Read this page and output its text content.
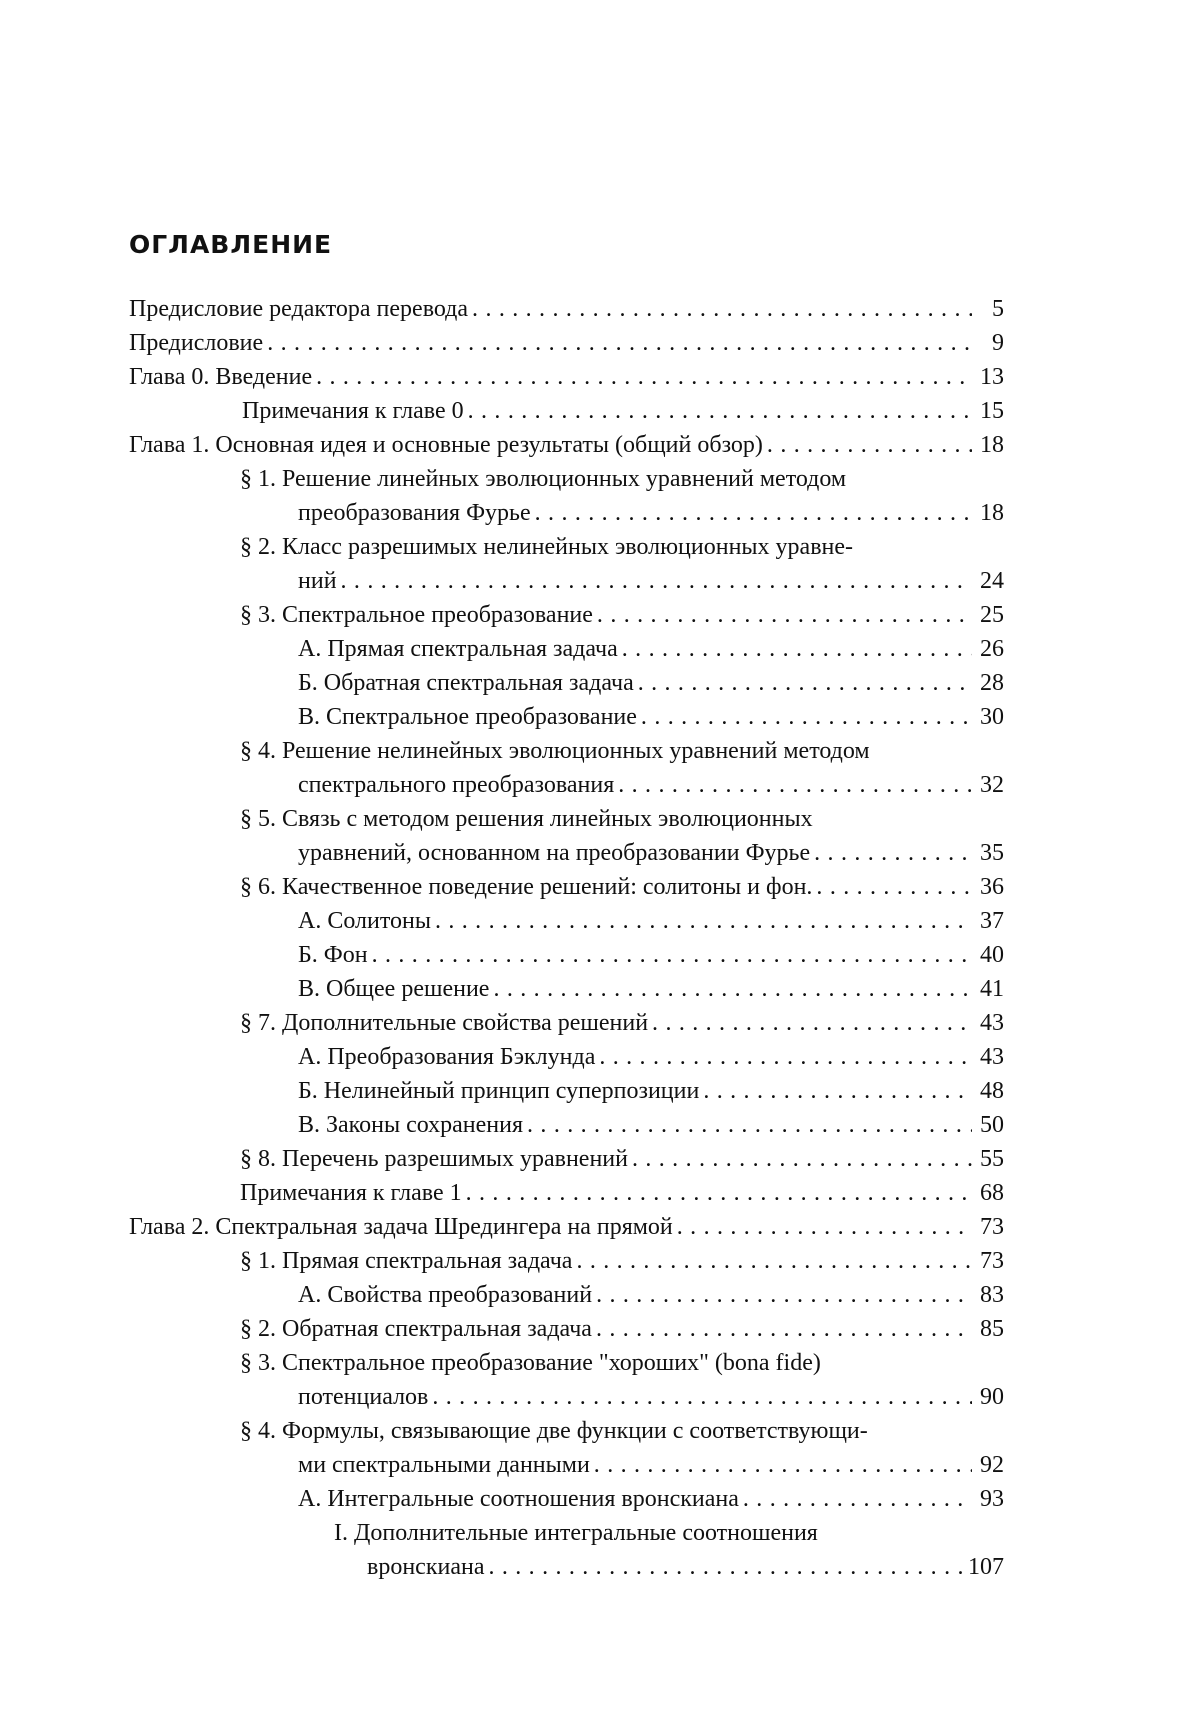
ОГЛАВЛЕНИЕ
Предисловие редактора перевода . . .	5
Предисловие . . .	9
Глава 0. Введение . . .	13
Примечания к главе 0 . . .	15
Глава 1. Основная идея и основные результаты (общий обзор) . . .	18
§ 1. Решение линейных эволюционных уравнений методом
преобразования Фурье . . .	18
§ 2. Класс разрешимых нелинейных эволюционных уравне-
ний . . .	24
§ 3. Спектральное преобразование . . .	25
А. Прямая спектральная задача . . .	26
Б. Обратная спектральная задача . . .	28
В. Спектральное преобразование . . .	30
§ 4. Решение нелинейных эволюционных уравнений методом
спектрального преобразования . . .	32
§ 5. Связь с методом решения линейных эволюционных
уравнений, основанном на преобразовании Фурье . . .	35
§ 6. Качественное поведение решений: солитоны и фон. . . .	36
А. Солитоны . . .	37
Б. Фон . . .	40
В. Общее решение . . .	41
§ 7. Дополнительные свойства решений . . .	43
А. Преобразования Бэклунда . . .	43
Б. Нелинейный принцип суперпозиции . . .	48
В. Законы сохранения . . .	50
§ 8. Перечень разрешимых уравнений . . .	55
Примечания к главе 1 . . .	68
Глава 2. Спектральная задача Шредингера на прямой . . .	73
§ 1. Прямая спектральная задача . . .	73
А. Свойства преобразований . . .	83
§ 2. Обратная спектральная задача . . .	85
§ 3. Спектральное преобразование "хороших" (bona fide)
потенциалов . . .	90
§ 4. Формулы, связывающие две функции с соответствующи-
ми спектральными данными . . .	92
А. Интегральные соотношения вронскиана . . .	93
I. Дополнительные интегральные соотношения
вронскиана . . .	107
